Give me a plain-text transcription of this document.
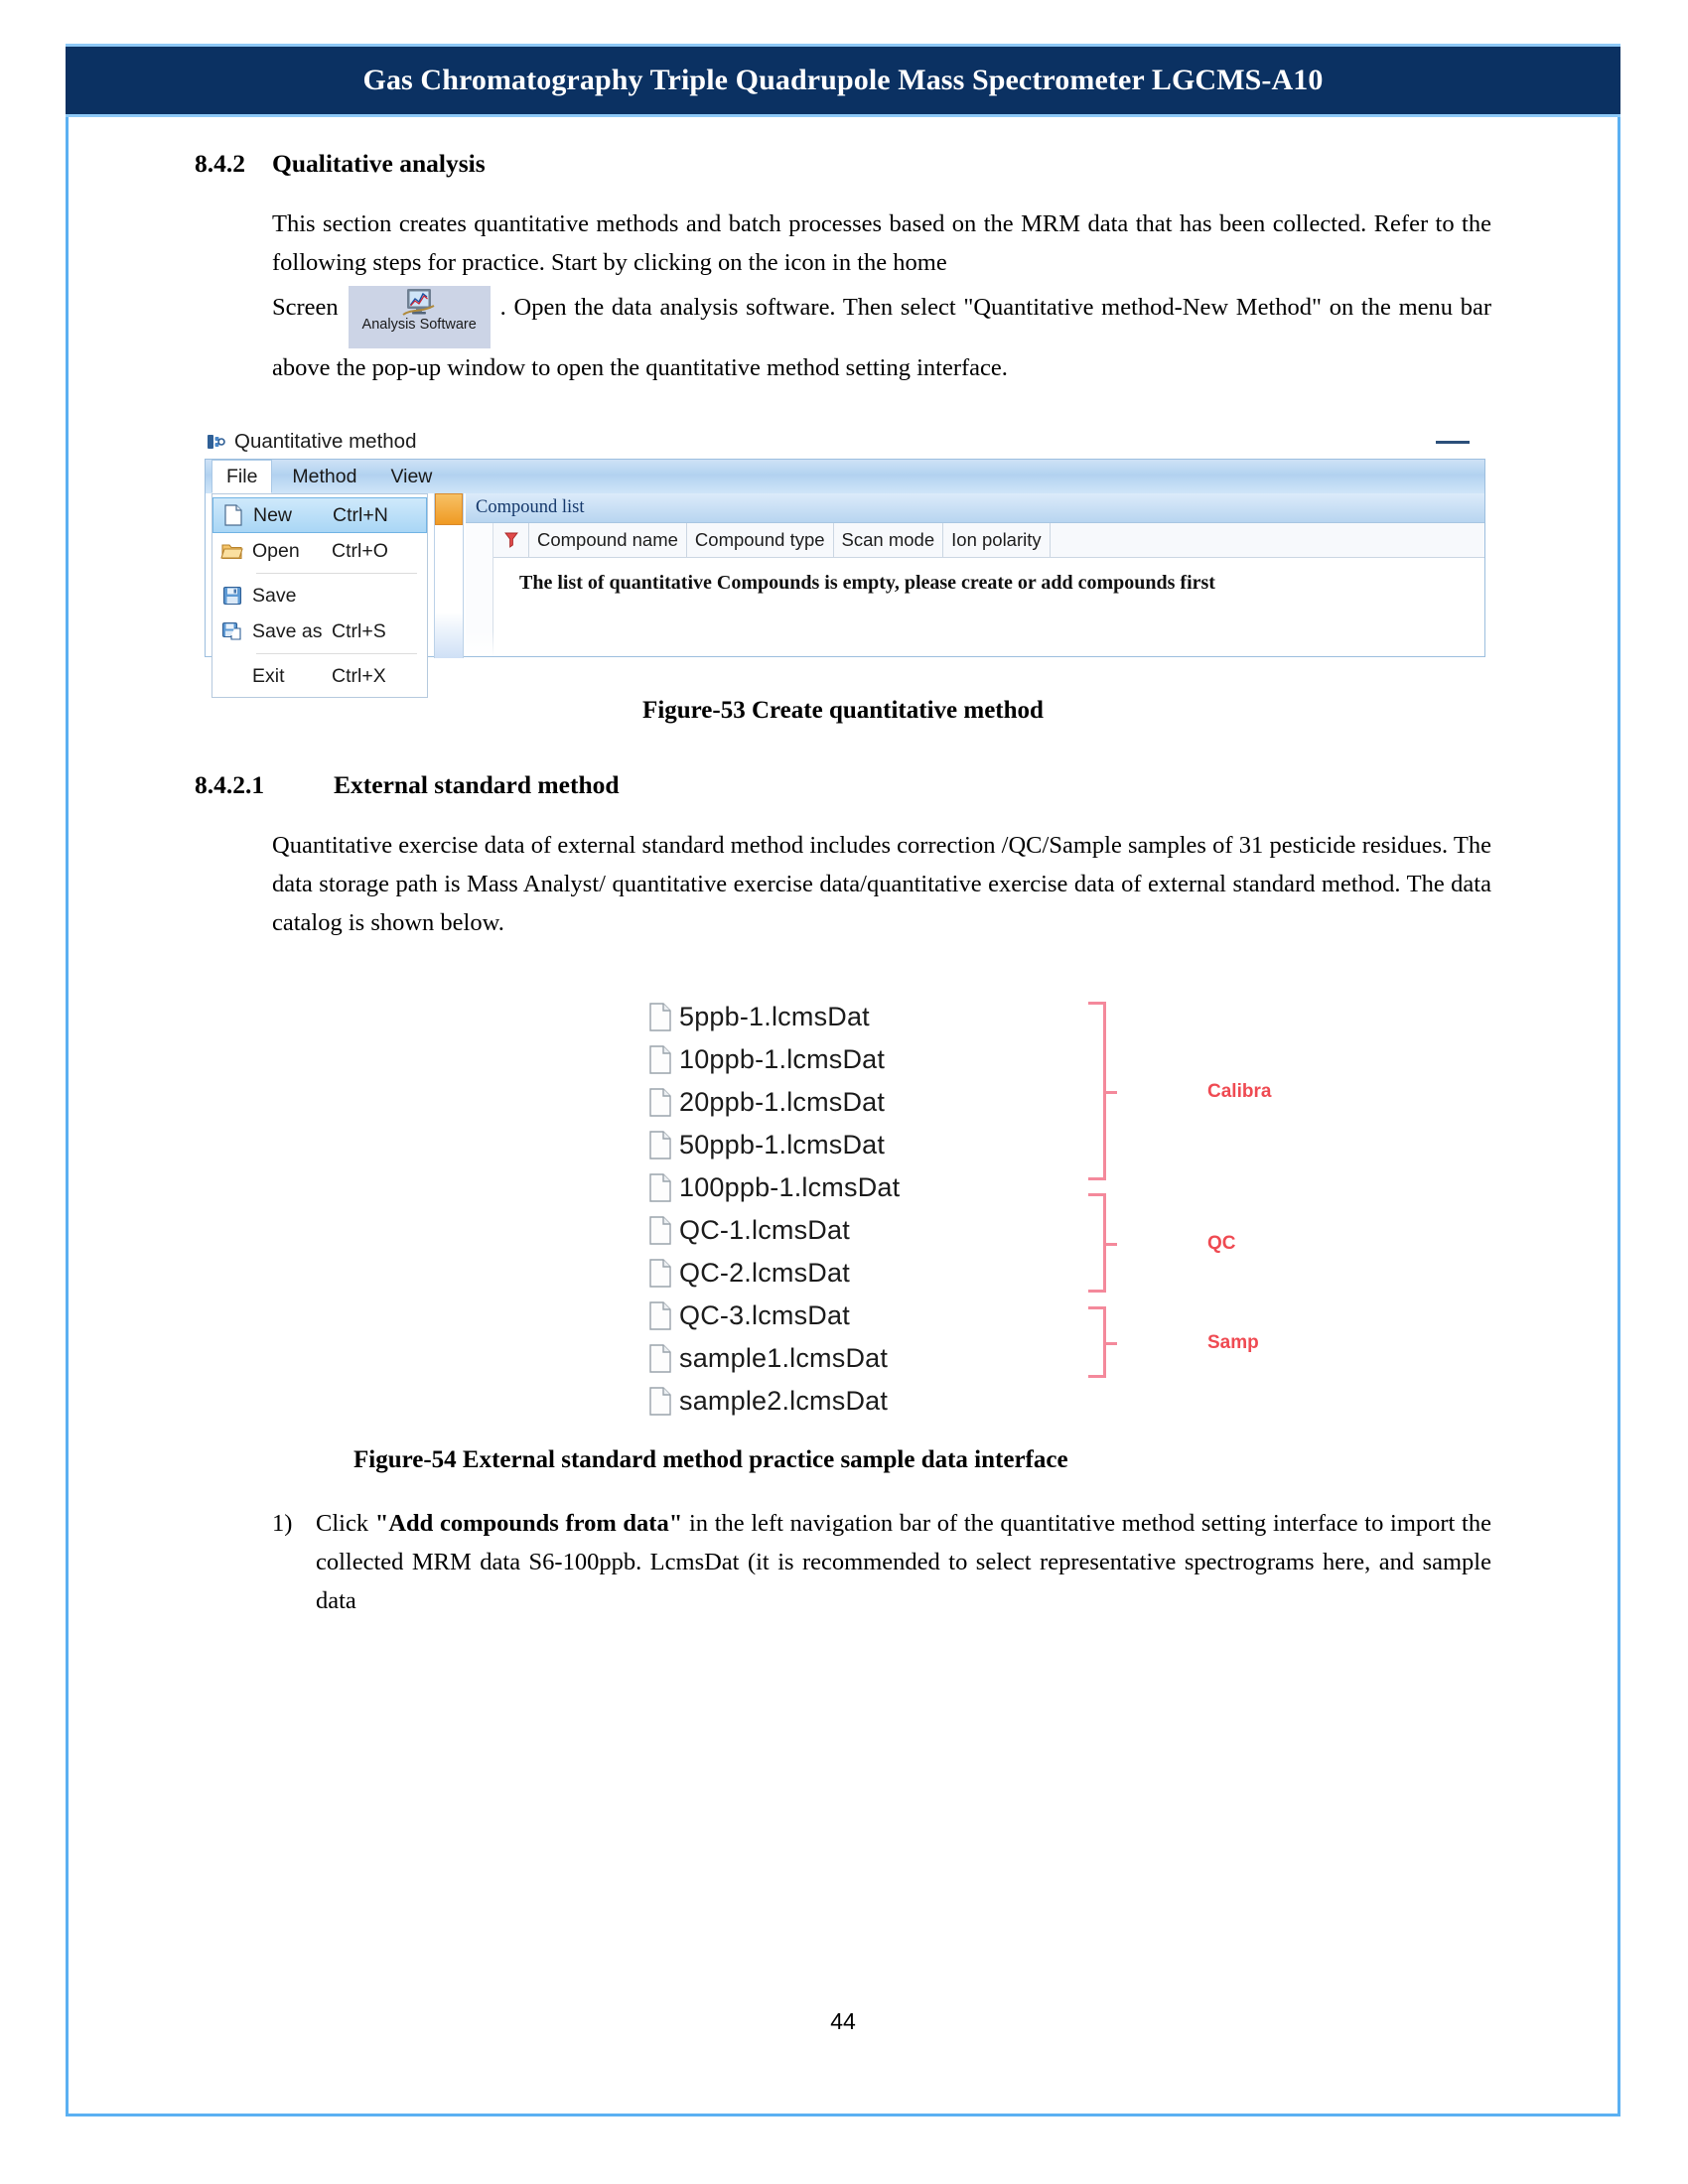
Gas Chromatography Triple Quadrupole Mass Spectrometer LGCMS-A10
8.4.2	Qualitative analysis
This section creates quantitative methods and batch processes based on the MRM data that has been collected. Refer to the following steps for practice. Start by clicking on the icon in the home
Screen
Analysis Software
. Open the data analysis software. Then select "Quantitative method-New Method" on the menu bar above the pop-up window to open the quantitative method setting interface.
Quantitative method
File	Method	View
New	Ctrl+N
Open	Ctrl+O
Save
Save as Ctrl+S
Exit	Ctrl+X
Compound list
Compound name Compound type Scan mode Ion polarity
The list of quantitative Compounds is empty, please create or add compounds first
Figure-53 Create quantitative method
8.4.2.1	External standard method
Quantitative exercise data of external standard method includes correction /QC/Sample samples of 31 pesticide residues. The data storage path is Mass Analyst/ quantitative exercise data/quantitative exercise data of external standard method. The data catalog is shown below.
5ppb-1.lcmsDat
10ppb-1.lcmsDat
20ppb-1.lcmsDat
50ppb-1.lcmsDat
100ppb-1.lcmsDat
QC-1.lcmsDat
QC-2.lcmsDat
QC-3.lcmsDat
sample1.lcmsDat
sample2.lcmsDat
Calibra
QC
Samp
Figure-54 External standard method practice sample data interface
1) Click "Add compounds from data" in the left navigation bar of the quantitative method setting interface to import the collected MRM data S6-100ppb. LcmsDat (it is recommended to select representative spectrograms here, and sample data
44
